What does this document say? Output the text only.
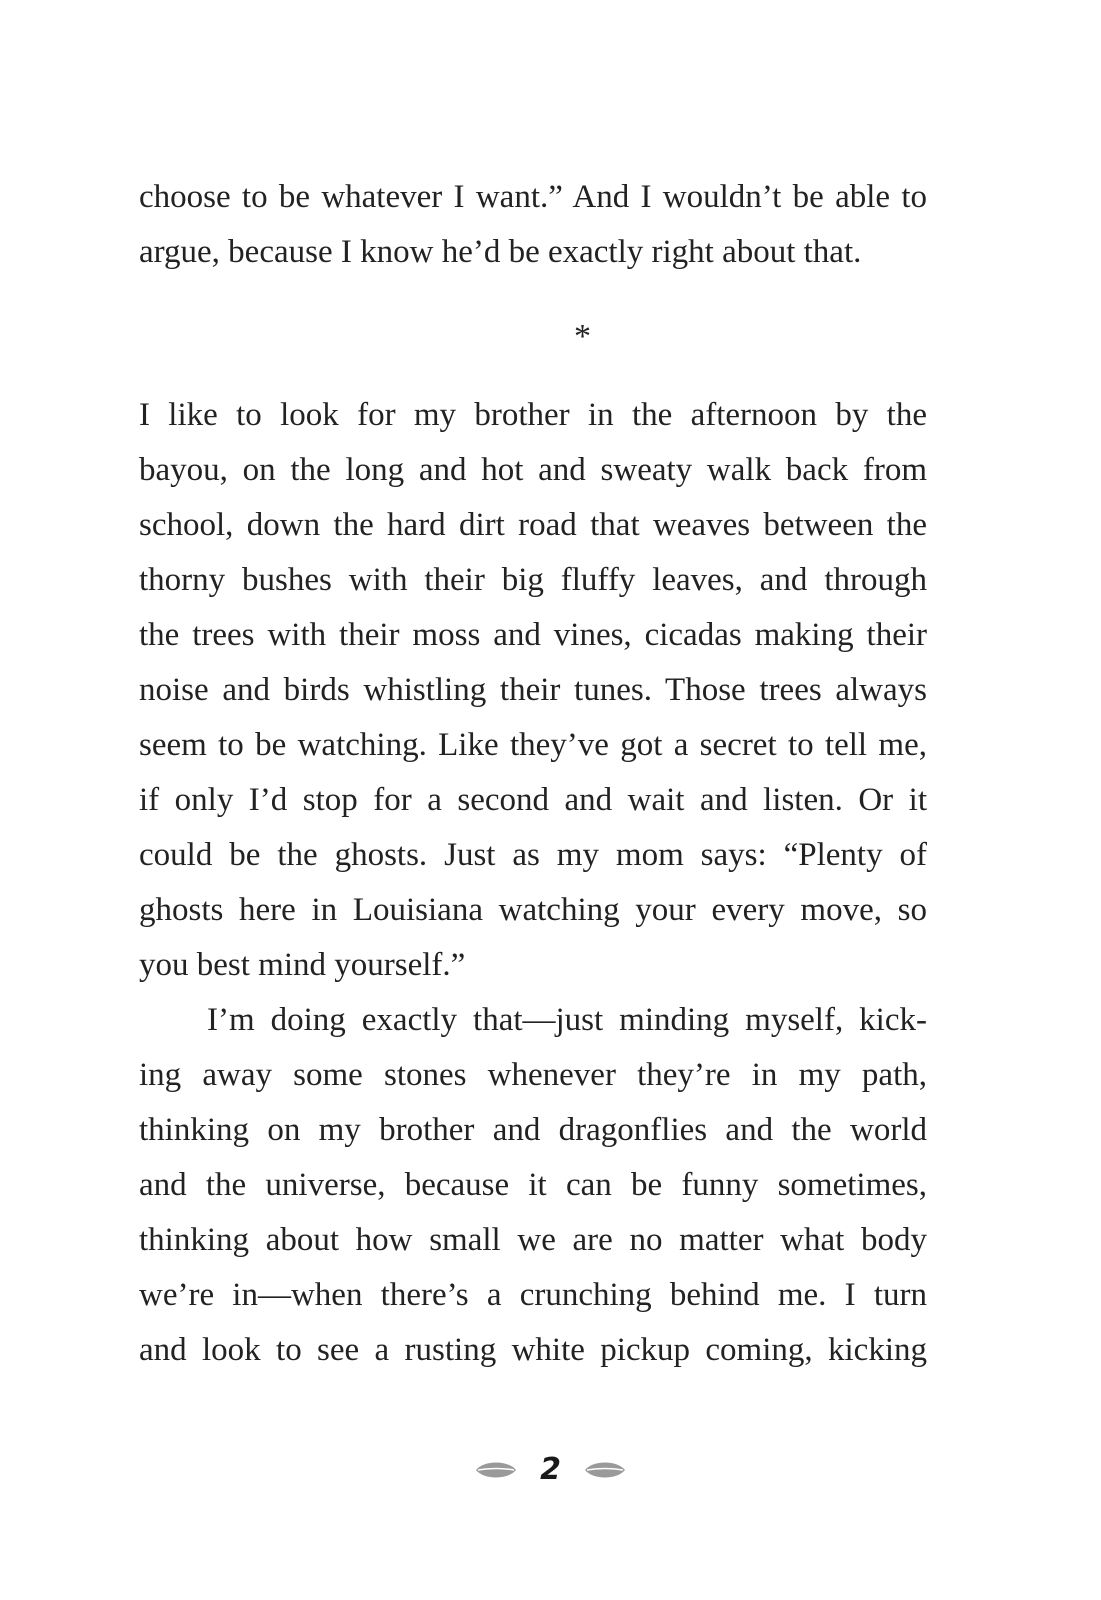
choose to be whatever I want.” And I wouldn’t be able to
argue, because I know he’d be exactly right about that.
*
I like to look for my brother in the afternoon by the
bayou, on the long and hot and sweaty walk back from
school, down the hard dirt road that weaves between the
thorny bushes with their big fluffy leaves, and through
the trees with their moss and vines, cicadas making their
noise and birds whistling their tunes. Those trees always
seem to be watching. Like they’ve got a secret to tell me,
if only I’d stop for a second and wait and listen. Or it
could be the ghosts. Just as my mom says: “Plenty of
ghosts here in Louisiana watching your every move, so
you best mind yourself.”
I’m doing exactly that—just minding myself, kick-
ing away some stones whenever they’re in my path,
thinking on my brother and dragonflies and the world
and the universe, because it can be funny sometimes,
thinking about how small we are no matter what body
we’re in—when there’s a crunching behind me. I turn
and look to see a rusting white pickup coming, kicking
2
